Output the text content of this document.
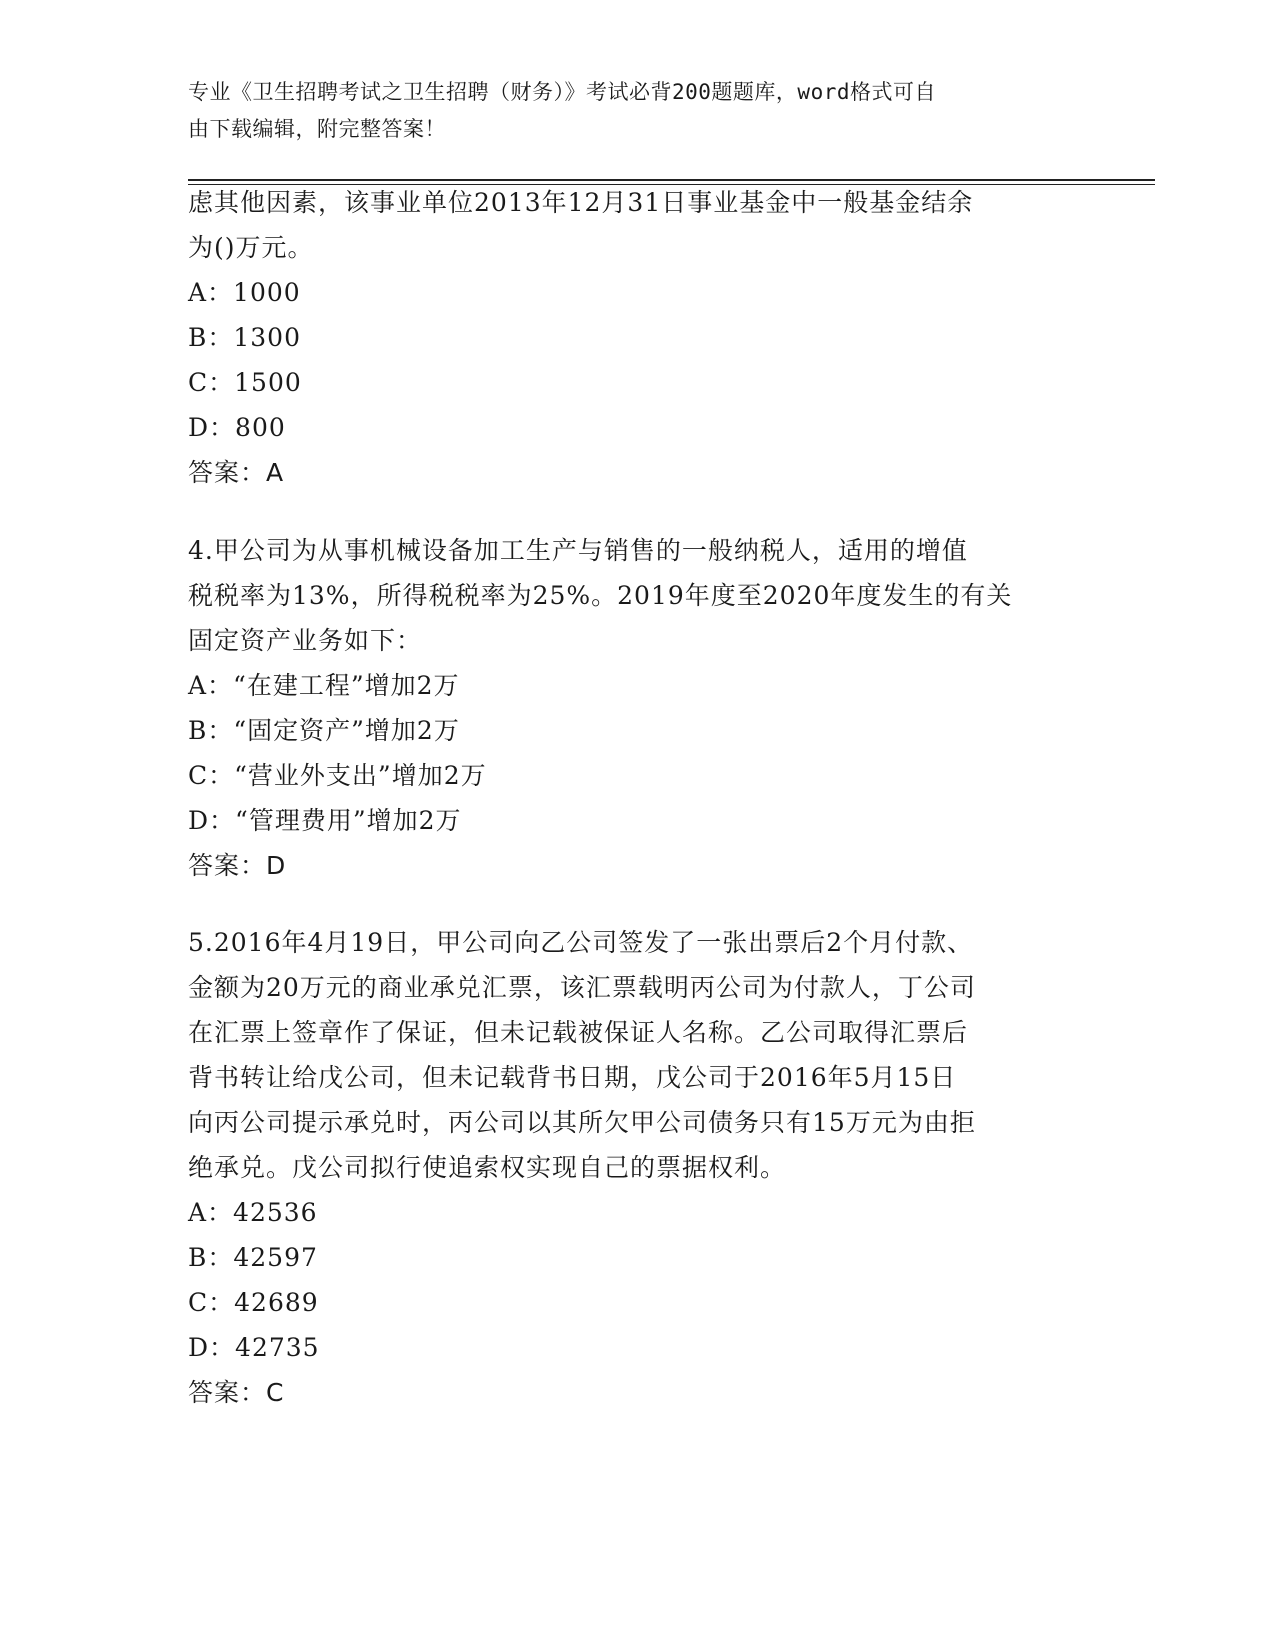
专业《卫生招聘考试之卫生招聘（财务）》考试必背200题题库，word格式可自
由下载编辑，附完整答案！
虑其他因素，该事业单位2013年12月31日事业基金中一般基金结余
为()万元。
A：1000
B：1300
C：1500
D：800
答案：A
4.甲公司为从事机械设备加工生产与销售的一般纳税人，适用的增值
税税率为13%，所得税税率为25%。2019年度至2020年度发生的有关
固定资产业务如下：
A：“在建工程”增加2万
B：“固定资产”增加2万
C：“营业外支出”增加2万
D：“管理费用”增加2万
答案：D
5.2016年4月19日，甲公司向乙公司签发了一张出票后2个月付款、
金额为20万元的商业承兑汇票，该汇票载明丙公司为付款人，丁公司
在汇票上签章作了保证，但未记载被保证人名称。乙公司取得汇票后
背书转让给戊公司，但未记载背书日期，戊公司于2016年5月15日
向丙公司提示承兑时，丙公司以其所欠甲公司债务只有15万元为由拒
绝承兑。戊公司拟行使追索权实现自己的票据权利。
A：42536
B：42597
C：42689
D：42735
答案：C
